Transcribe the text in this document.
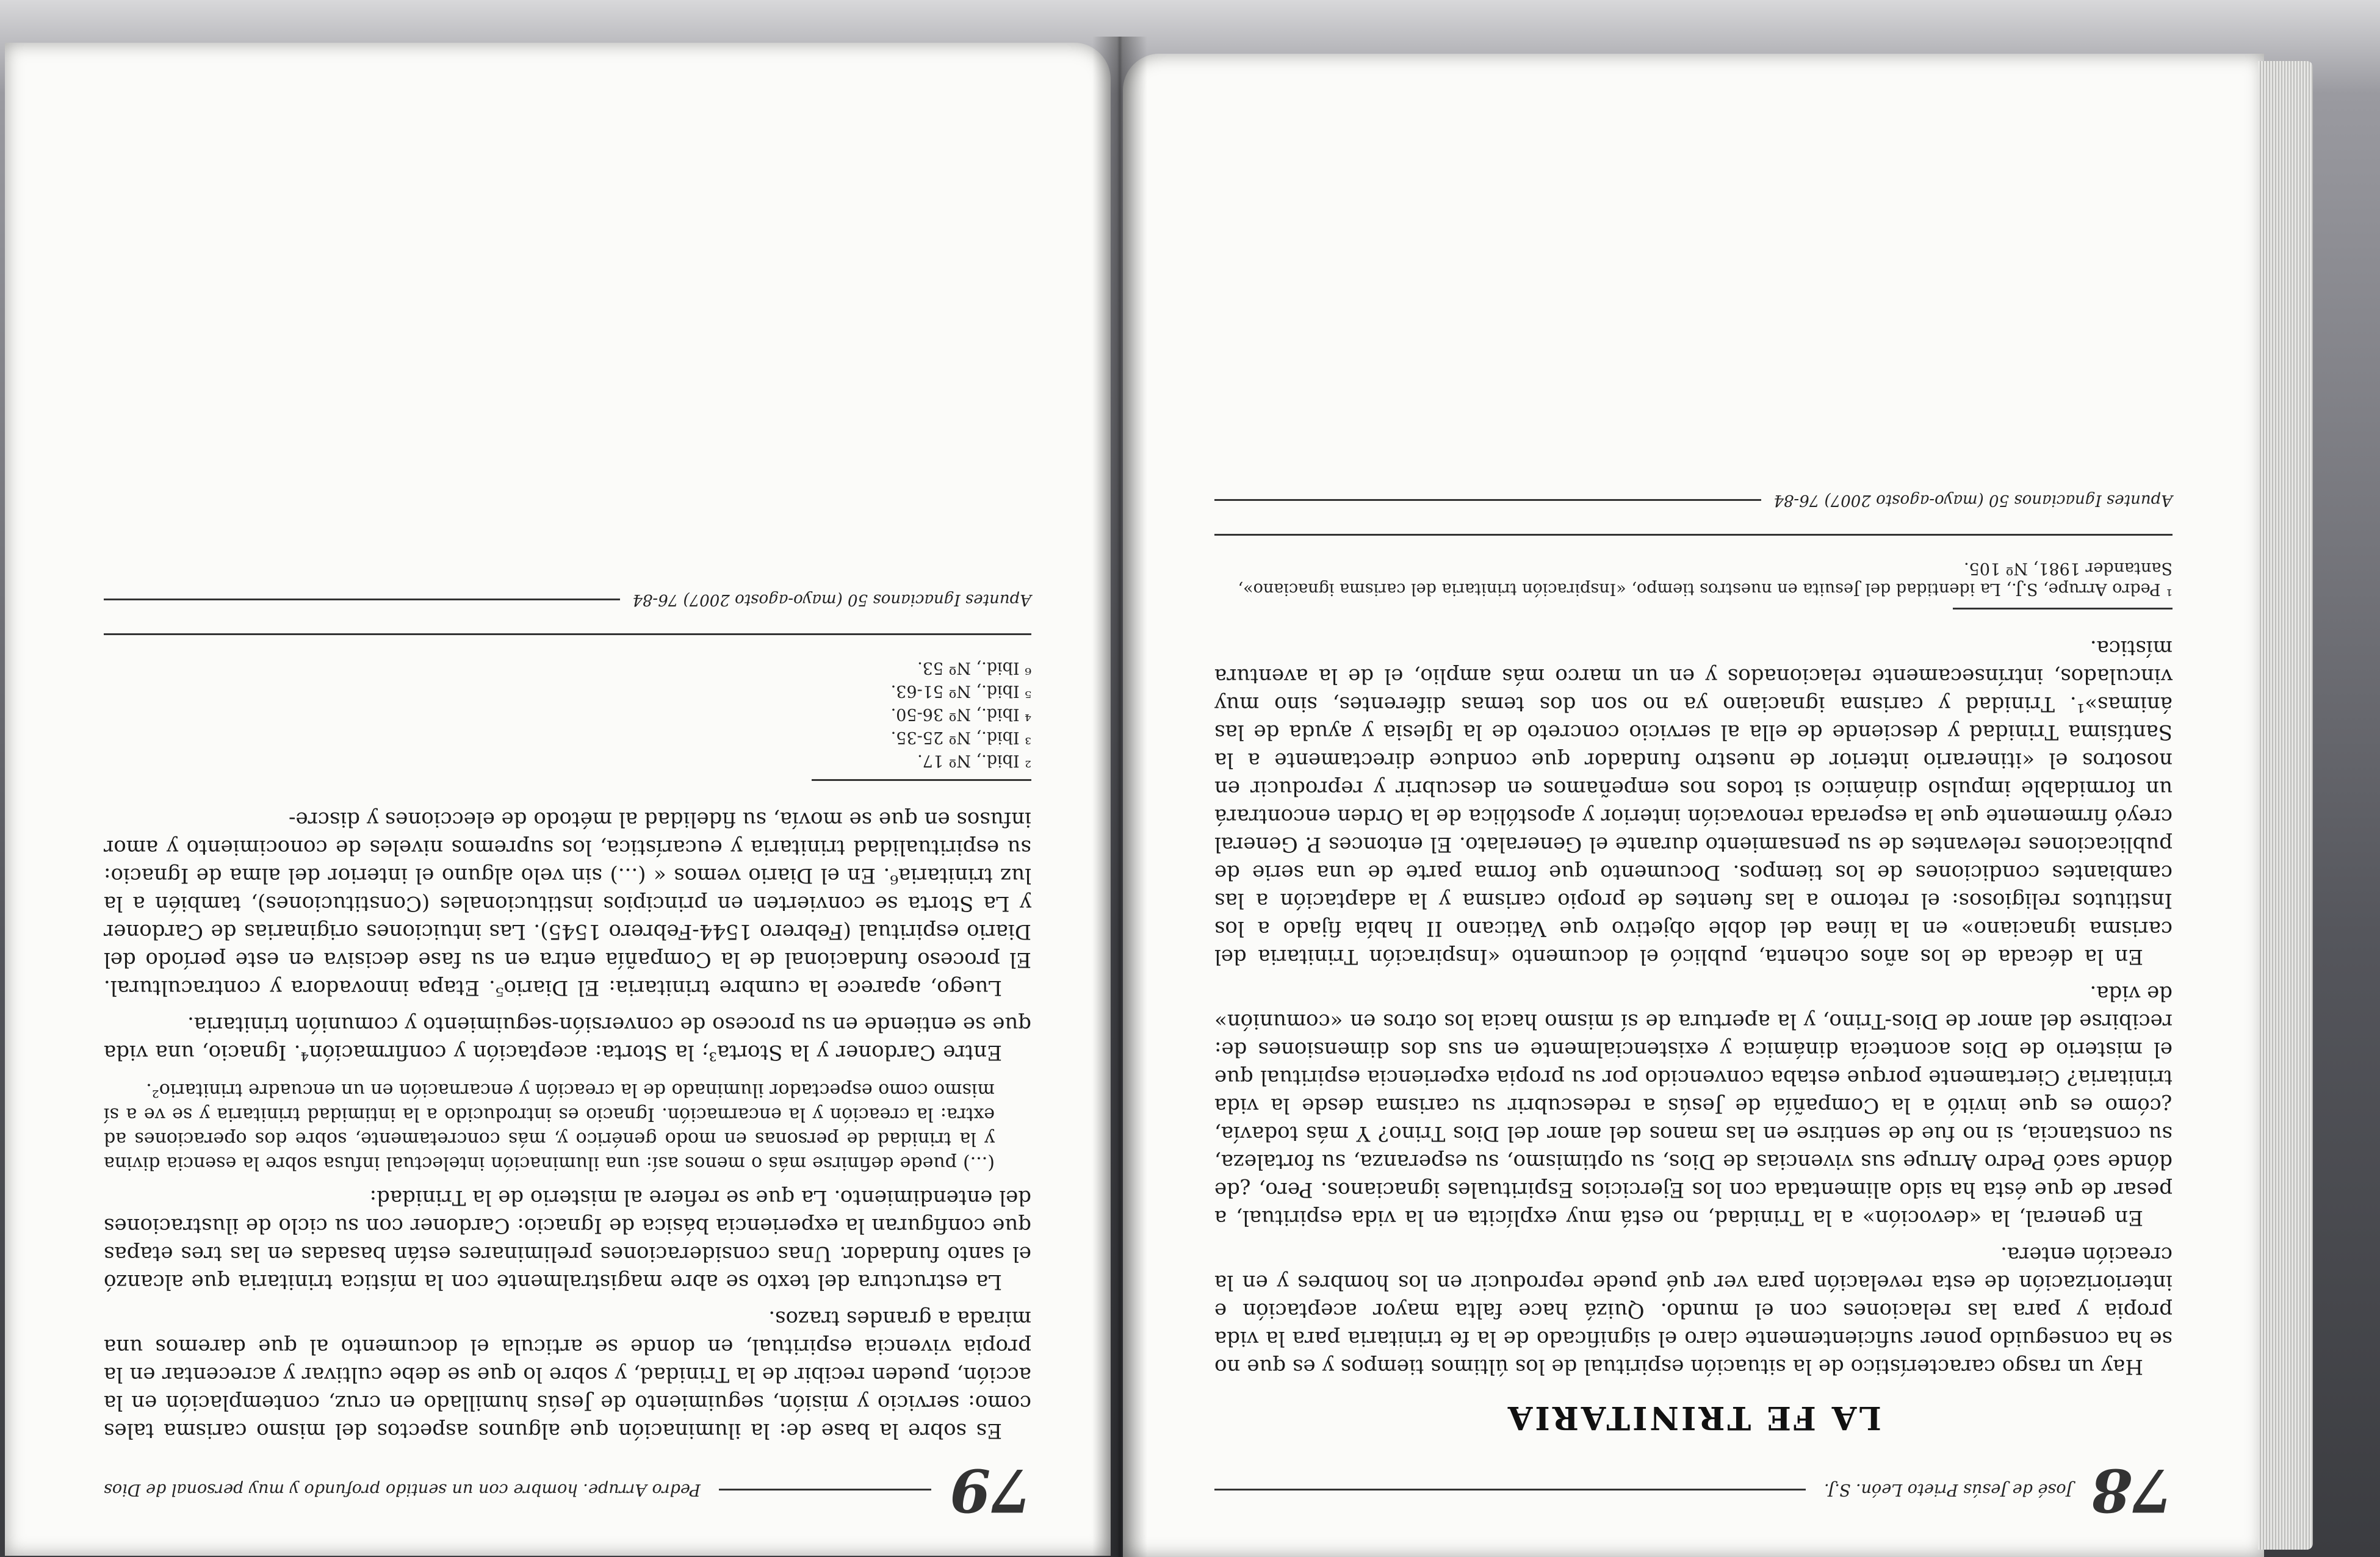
79
Pedro Arrupe. hombre con un sentido profundo y muy personal de Dios

Es sobre la base de: la iluminación que algunos aspectos del mismo carisma tales como: servicio y misión, seguimiento de Jesús humillado en cruz, contemplación en la acción, pueden recibir de la Trinidad, y sobre lo que se debe cultivar y acrecentar en la propia vivencia espiritual, en donde se articula el documento al que daremos una mirada a grandes trazos.

La estructura del texto se abre magistralmente con la mística trinitaria que alcanzó el santo fundador. Unas consideraciones preliminares están basadas en las tres etapas que configuran la experiencia básica de Ignacio: Cardoner con su ciclo de ilustraciones del entendimiento. La que se refiere al misterio de la Trinidad:

(...) puede definirse más o menos así: una iluminación intelectual infusa sobre la esencia divina y la trinidad de personas en modo genérico y, más concretamente, sobre dos operaciones ad extra: la creación y la encarnación. Ignacio es introducido a la intimidad trinitaria y se ve a sí mismo como espectador iluminado de la creación y encarnación en un encuadre trinitario².

Entre Cardoner y la Storta³; la Storta: aceptación y confirmación⁴. Ignacio, una vida que se entiende en su proceso de conversión-seguimiento y comunión trinitaria.

Luego, aparece la cumbre trinitaria: El Diario⁵. Etapa innovadora y contracultural. El proceso fundacional de la Compañía entra en su fase decisiva en este período del Diario espiritual (Febrero 1544-Febrero 1545). Las intuiciones originarias de Cardoner y La Storta se convierten en principios institucionales (Constituciones), también a la luz trinitaria⁶. En el Diario vemos « (...) sin velo alguno el interior del alma de Ignacio: su espiritualidad trinitaria y eucarística, los supremos niveles de conocimiento y amor infusos en que se movía, su fidelidad al método de elecciones y discre-

² Ibid., Nº 17.
³ Ibid., Nº 25-35.
⁴ Ibid., Nº 36-50.
⁵ Ibid., Nº 51-63.
⁶ Ibid., Nº 53.
Apuntes Ignacianos 50 (mayo-agosto 2007) 76-84
78
José de Jesús Prieto León. S.J.
LA FE TRINITARIA

Hay un rasgo característico de la situación espiritual de los últimos tiempos y es que no se ha conseguido poner suficientemente claro el significado de la fe trinitaria para la vida propia y para las relaciones con el mundo. Quizá hace falta mayor aceptación e interiorización de esta revelación para ver qué puede reproducir en los hombres y en la creación entera.

En general, la «devoción» a la Trinidad, no está muy explícita en la vida espiritual, a pesar de que ésta ha sido alimentada con los Ejercicios Espirituales ignacianos. Pero, ¿de dónde sacó Pedro Arrupe sus vivencias de Dios, su optimismo, su esperanza, su fortaleza, su constancia, si no fue de sentirse en las manos del amor del Dios Trino? Y más todavía, ¿cómo es que invitó a la Compañía de Jesús a redescubrir su carisma desde la vida trinitaria? Ciertamente porque estaba convencido por su propia experiencia espiritual que el misterio de Dios acontecía dinámica y existencialmente en sus dos dimensiones de: recibirse del amor de Dios-Trino, y la apertura de sí mismo hacia los otros en «comunión» de vida.

En la década de los años ochenta, publicó el documento «Inspiración Trinitaria del carisma ignaciano» en la línea del doble objetivo que Vaticano II había fijado a los Institutos religiosos: el retorno a las fuentes de propio carisma y la adaptación a las cambiantes condiciones de los tiempos. Documento que forma parte de una serie de publicaciones relevantes de su pensamiento durante el Generalato. El entonces P. General creyó firmemente que la esperada renovación interior y apostólica de la Orden encontrará un formidable impulso dinámico si todos nos empeñamos en descubrir y reproducir en nosotros el «itinerario interior de nuestro fundador que conduce directamente a la Santísima Trinidad y desciende de ella al servicio concreto de la Iglesia y ayuda de las ánimas»¹. Trinidad y carisma ignaciano ya no son dos temas diferentes, sino muy vinculados, intrínsecamente relacionados y en un marco más amplio, el de la aventura mística.

¹ Pedro Arrupe, S.J., La identidad del Jesuita en nuestros tiempo, «Inspiración trinitaria del carisma ignaciano», Santander 1981, Nº 105.
Apuntes Ignacianos 50 (mayo-agosto 2007) 76-84
